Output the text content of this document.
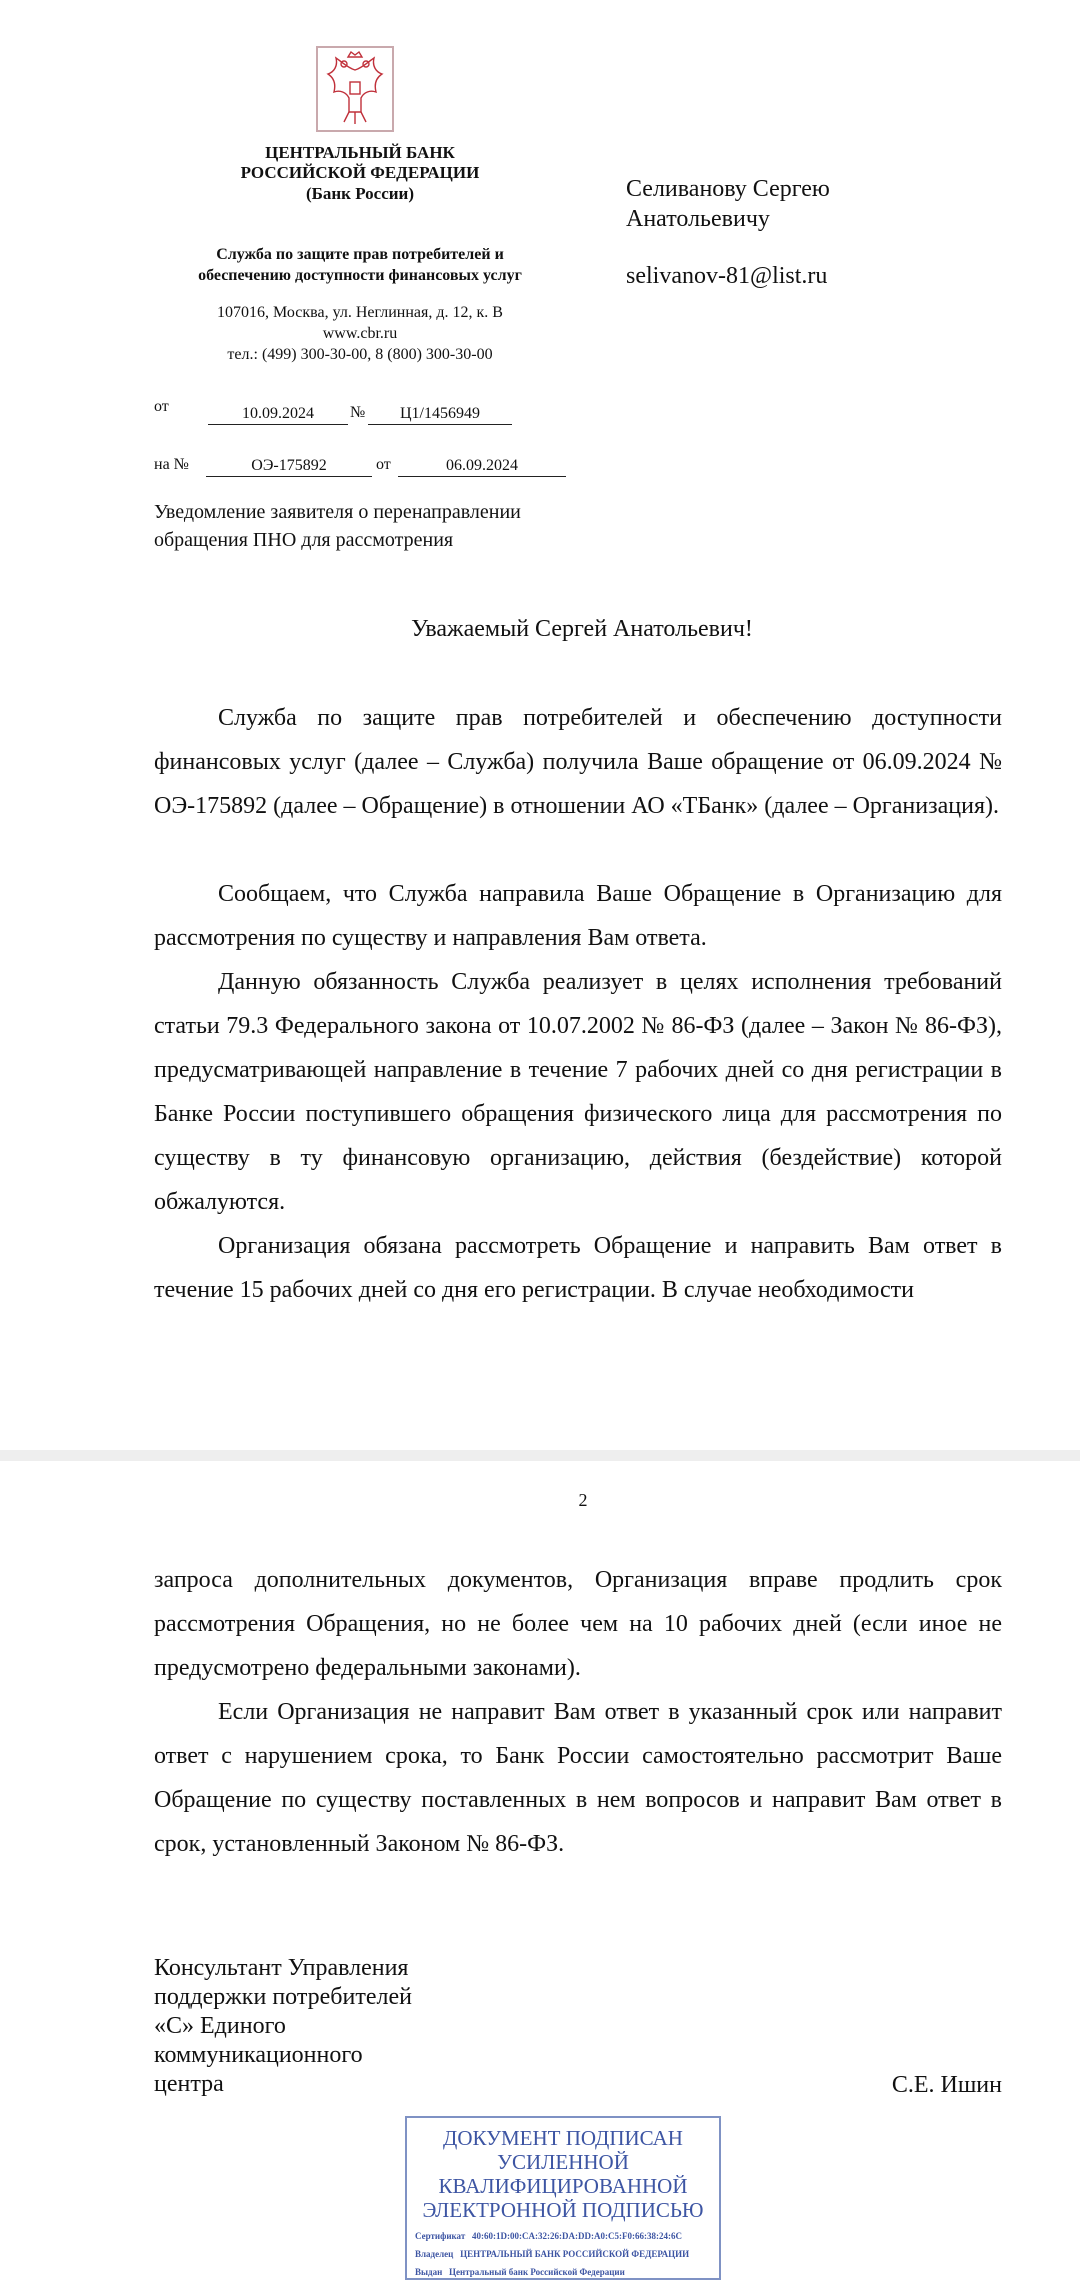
ЦЕНТРАЛЬНЫЙ БАНК
РОССИЙСКОЙ ФЕДЕРАЦИИ
(Банк России)
Служба по защите прав потребителей и
обеспечению доступности финансовых услуг
107016, Москва, ул. Неглинная, д. 12, к. В
www.cbr.ru
тел.: (499) 300-30-00, 8 (800) 300-30-00
Селиванову Сергею
Анатольевичу
selivanov-81@list.ru
от	10.09.2024	№	Ц1/1456949
на №	ОЭ-175892	от	06.09.2024
Уведомление заявителя о перенаправлении
обращения ПНО для рассмотрения
Уважаемый Сергей Анатольевич!

Служба по защите прав потребителей и обеспечению доступности финансовых услуг (далее – Служба) получила Ваше обращение от 06.09.2024 № ОЭ-175892 (далее – Обращение) в отношении АО «ТБанк» (далее – Организация).

Сообщаем, что Служба направила Ваше Обращение в Организацию для рассмотрения по существу и направления Вам ответа.

Данную обязанность Служба реализует в целях исполнения требований статьи 79.3 Федерального закона от 10.07.2002 № 86-ФЗ (далее – Закон № 86-ФЗ), предусматривающей направление в течение 7 рабочих дней со дня регистрации в Банке России поступившего обращения физического лица для рассмотрения по существу в ту финансовую организацию, действия (бездействие) которой обжалуются.

Организация обязана рассмотреть Обращение и направить Вам ответ в течение 15 рабочих дней со дня его регистрации. В случае необходимости

2

запроса дополнительных документов, Организация вправе продлить срок рассмотрения Обращения, но не более чем на 10 рабочих дней (если иное не предусмотрено федеральными законами).

Если Организация не направит Вам ответ в указанный срок или направит ответ с нарушением срока, то Банк России самостоятельно рассмотрит Ваше Обращение по существу поставленных в нем вопросов и направит Вам ответ в срок, установленный Законом № 86-ФЗ.

Консультант Управления
поддержки потребителей
«С» Единого
коммуникационного
центра	С.Е. Ишин
ДОКУМЕНТ ПОДПИСАН
УСИЛЕННОЙ
КВАЛИФИЦИРОВАННОЙ
ЭЛЕКТРОННОЙ ПОДПИСЬЮ
Сертификат 40:60:1D:00:CA:32:26:DA:DD:A0:C5:F0:66:38:24:6C
Владелец ЦЕНТРАЛЬНЫЙ БАНК РОССИЙСКОЙ ФЕДЕРАЦИИ
Выдан Центральный банк Российской Федерации
